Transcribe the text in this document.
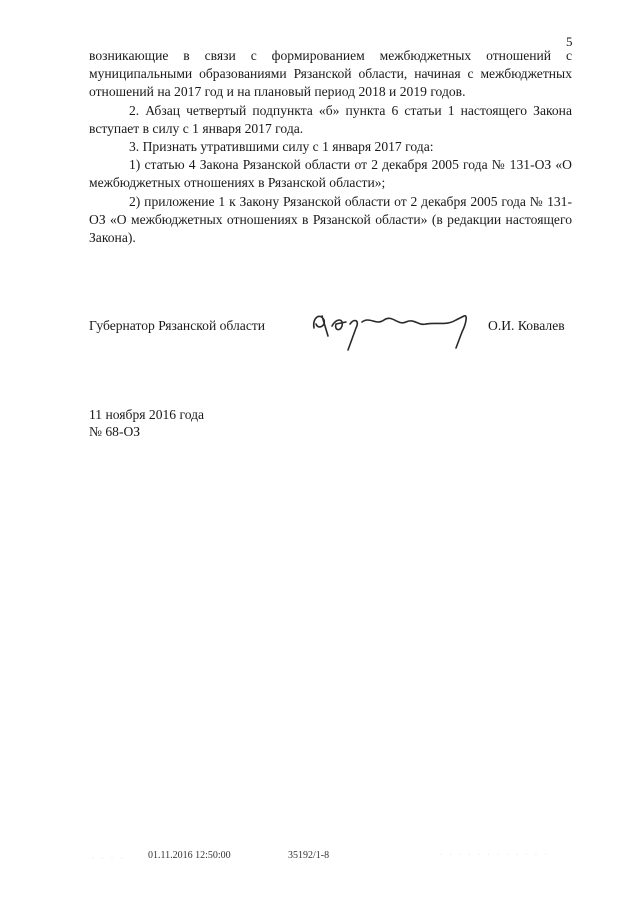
5

возникающие в связи с формированием межбюджетных отношений с муниципальными образованиями Рязанской области, начиная с межбюджетных отношений на 2017 год и на плановый период 2018 и 2019 годов.

2. Абзац четвертый подпункта «б» пункта 6 статьи 1 настоящего Закона вступает в силу с 1 января 2017 года.

3. Признать утратившими силу с 1 января 2017 года:

1) статью 4 Закона Рязанской области от 2 декабря 2005 года № 131-ОЗ «О межбюджетных отношениях в Рязанской области»;

2) приложение 1 к Закону Рязанской области от 2 декабря 2005 года № 131-ОЗ «О межбюджетных отношениях в Рязанской области» (в редакции настоящего Закона).

Губернатор Рязанской области	О.И. Ковалев
11 ноября 2016 года
№ 68-ОЗ
01.11.2016 12:50:00	35192/1-8
· · · ·
· · · · · · · · · · · ·
